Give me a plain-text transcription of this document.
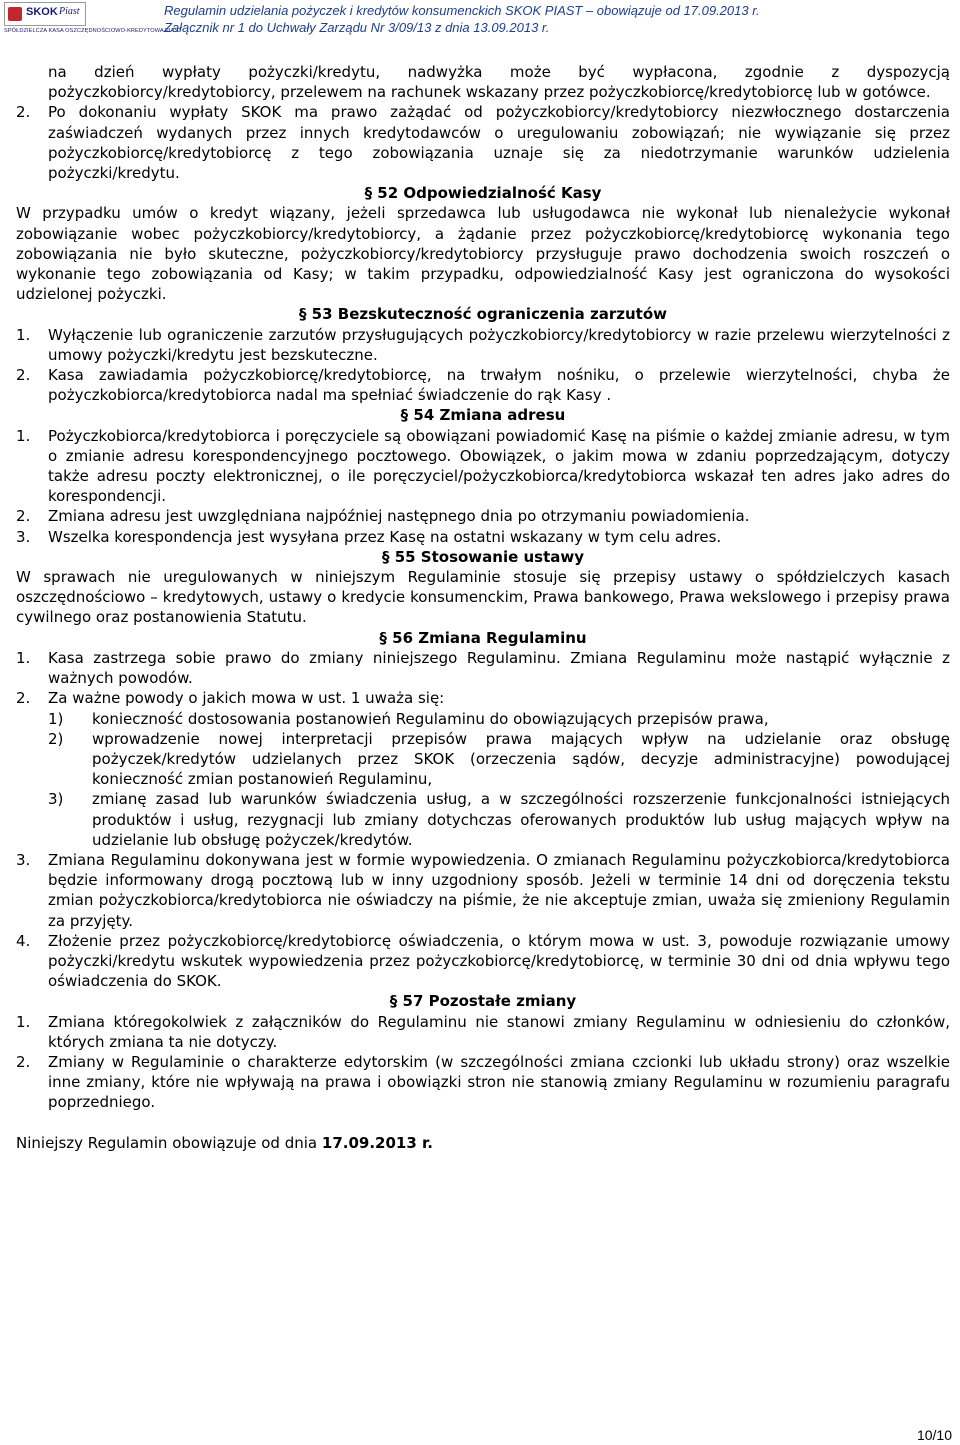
SKOK Piast
SPÓŁDZIELCZA KASA OSZCZĘDNOŚCIOWO-KREDYTOWA PIAST
Regulamin udzielania pożyczek i kredytów konsumenckich SKOK PIAST – obowiązuje od 17.09.2013 r.
Załącznik nr 1 do Uchwały Zarządu Nr 3/09/13 z dnia 13.09.2013 r.
na dzień wypłaty pożyczki/kredytu, nadwyżka może być wypłacona, zgodnie z dyspozycją pożyczkobiorcy/kredytobiorcy, przelewem na rachunek wskazany przez pożyczkobiorcę/kredytobiorcę lub w gotówce.
2. Po dokonaniu wypłaty SKOK ma prawo zażądać od pożyczkobiorcy/kredytobiorcy niezwłocznego dostarczenia zaświadczeń wydanych przez innych kredytodawców o uregulowaniu zobowiązań; nie wywiązanie się przez pożyczkobiorcę/kredytobiorcę z tego zobowiązania uznaje się za niedotrzymanie warunków udzielenia pożyczki/kredytu.

§ 52 Odpowiedzialność Kasy

W przypadku umów o kredyt wiązany, jeżeli sprzedawca lub usługodawca nie wykonał lub nienależycie wykonał zobowiązanie wobec pożyczkobiorcy/kredytobiorcy, a żądanie przez pożyczkobiorcę/kredytobiorcę wykonania tego zobowiązania nie było skuteczne, pożyczkobiorcy/kredytobiorcy przysługuje prawo dochodzenia swoich roszczeń o wykonanie tego zobowiązania od Kasy; w takim przypadku, odpowiedzialność Kasy jest ograniczona do wysokości udzielonej pożyczki.

§ 53 Bezskuteczność ograniczenia zarzutów

1. Wyłączenie lub ograniczenie zarzutów przysługujących pożyczkobiorcy/kredytobiorcy w razie przelewu wierzytelności z umowy pożyczki/kredytu jest bezskuteczne.
2. Kasa zawiadamia pożyczkobiorcę/kredytobiorcę, na trwałym nośniku, o przelewie wierzytelności, chyba że pożyczkobiorca/kredytobiorca nadal ma spełniać świadczenie do rąk Kasy .

§ 54 Zmiana adresu

1. Pożyczkobiorca/kredytobiorca i poręczyciele są obowiązani powiadomić Kasę na piśmie o każdej zmianie adresu, w tym o zmianie adresu korespondencyjnego pocztowego. Obowiązek, o jakim mowa w zdaniu poprzedzającym, dotyczy także adresu poczty elektronicznej, o ile poręczyciel/pożyczkobiorca/kredytobiorca wskazał ten adres jako adres do korespondencji.
2. Zmiana adresu jest uwzględniana najpóźniej następnego dnia po otrzymaniu powiadomienia.
3. Wszelka korespondencja jest wysyłana przez Kasę na ostatni wskazany w tym celu adres.

§ 55 Stosowanie ustawy

W sprawach nie uregulowanych w niniejszym Regulaminie stosuje się przepisy ustawy o spółdzielczych kasach oszczędnościowo – kredytowych, ustawy o kredycie konsumenckim, Prawa bankowego, Prawa wekslowego i przepisy prawa cywilnego oraz postanowienia Statutu.

§ 56 Zmiana Regulaminu

1. Kasa zastrzega sobie prawo do zmiany niniejszego Regulaminu. Zmiana Regulaminu może nastąpić wyłącznie z ważnych powodów.
2. Za ważne powody o jakich mowa w ust. 1 uważa się:
1) konieczność dostosowania postanowień Regulaminu do obowiązujących przepisów prawa,
2) wprowadzenie nowej interpretacji przepisów prawa mających wpływ na udzielanie oraz obsługę pożyczek/kredytów udzielanych przez SKOK (orzeczenia sądów, decyzje administracyjne) powodującej konieczność zmian postanowień Regulaminu,
3) zmianę zasad lub warunków świadczenia usług, a w szczególności rozszerzenie funkcjonalności istniejących produktów i usług, rezygnacji lub zmiany dotychczas oferowanych produktów lub usług mających wpływ na udzielanie lub obsługę pożyczek/kredytów.
3. Zmiana Regulaminu dokonywana jest w formie wypowiedzenia. O zmianach Regulaminu pożyczkobiorca/kredytobiorca będzie informowany drogą pocztową lub w inny uzgodniony sposób. Jeżeli w terminie 14 dni od doręczenia tekstu zmian pożyczkobiorca/kredytobiorca nie oświadczy na piśmie, że nie akceptuje zmian, uważa się zmieniony Regulamin za przyjęty.
4. Złożenie przez pożyczkobiorcę/kredytobiorcę oświadczenia, o którym mowa w ust. 3, powoduje rozwiązanie umowy pożyczki/kredytu wskutek wypowiedzenia przez pożyczkobiorcę/kredytobiorcę, w terminie 30 dni od dnia wpływu tego oświadczenia do SKOK.

§ 57 Pozostałe zmiany

1. Zmiana któregokolwiek z załączników do Regulaminu nie stanowi zmiany Regulaminu w odniesieniu do członków, których zmiana ta nie dotyczy.
2. Zmiany w Regulaminie o charakterze edytorskim (w szczególności zmiana czcionki lub układu strony) oraz wszelkie inne zmiany, które nie wpływają na prawa i obowiązki stron nie stanowią zmiany Regulaminu w rozumieniu paragrafu poprzedniego.

Niniejszy Regulamin obowiązuje od dnia 17.09.2013 r.

10/10
